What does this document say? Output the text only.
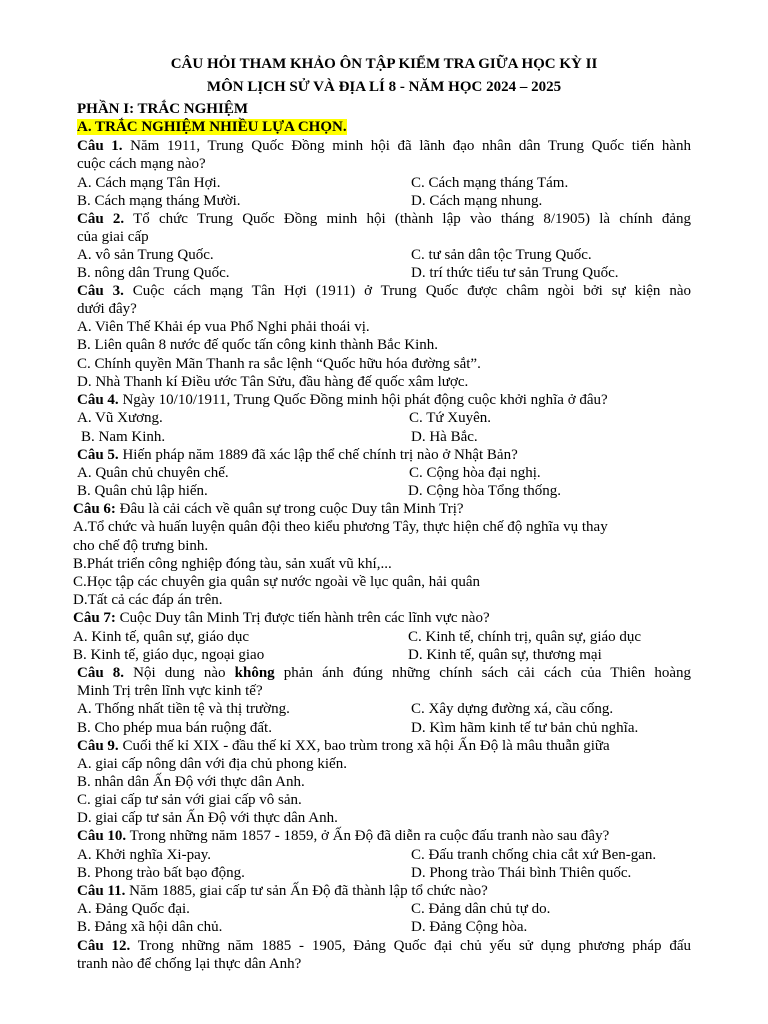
CÂU HỎI THAM KHẢO ÔN TẬP KIỂM TRA GIỮA HỌC KỲ II
MÔN LỊCH SỬ VÀ ĐỊA LÍ 8 - NĂM HỌC 2024 – 2025
PHẦN I: TRẮC NGHIỆM
A. TRẮC NGHIỆM NHIỀU LỰA CHỌN.
Câu 1. Năm 1911, Trung Quốc Đồng minh hội đã lãnh đạo nhân dân Trung Quốc tiến hành
cuộc cách mạng nào?
A. Cách mạng Tân Hợi.	C. Cách mạng tháng Tám.
B. Cách mạng tháng Mười.	D. Cách mạng nhung.
Câu 2. Tổ chức Trung Quốc Đồng minh hội (thành lập vào tháng 8/1905) là chính đảng
của giai cấp
A. vô sản Trung Quốc.	C. tư sản dân tộc Trung Quốc.
B. nông dân Trung Quốc.	D. trí thức tiểu tư sản Trung Quốc.
Câu 3. Cuộc cách mạng Tân Hợi (1911) ở Trung Quốc được châm ngòi bởi sự kiện nào
dưới đây?
A. Viên Thế Khải ép vua Phổ Nghi phải thoái vị.
B. Liên quân 8 nước đế quốc tấn công kinh thành Bắc Kinh.
C. Chính quyền Mãn Thanh ra sắc lệnh “Quốc hữu hóa đường sắt”.
D. Nhà Thanh kí Điều ước Tân Sửu, đầu hàng đế quốc xâm lược.
Câu 4. Ngày 10/10/1911, Trung Quốc Đồng minh hội phát động cuộc khởi nghĩa ở đâu?
A. Vũ Xương.	C. Tứ Xuyên.
B. Nam Kinh.	D. Hà Bắc.
Câu 5. Hiến pháp năm 1889 đã xác lập thể chế chính trị nào ở Nhật Bản?
A. Quân chủ chuyên chế.	C. Cộng hòa đại nghị.
B. Quân chủ lập hiến.	D. Cộng hòa Tổng thống.
Câu 6: Đâu là cải cách về quân sự trong cuộc Duy tân Minh Trị?
A.Tổ chức và huấn luyện quân đội theo kiểu phương Tây, thực hiện chế độ nghĩa vụ thay
cho chế độ trưng binh.
B.Phát triển công nghiệp đóng tàu, sản xuất vũ khí,...
C.Học tập các chuyên gia quân sự nước ngoài về lục quân, hải quân
D.Tất cả các đáp án trên.
Câu 7: Cuộc Duy tân Minh Trị được tiến hành trên các lĩnh vực nào?
A. Kinh tế, quân sự, giáo dục	C. Kinh tế, chính trị, quân sự, giáo dục
B. Kinh tế, giáo dục, ngoại giao	D. Kinh tế, quân sự, thương mại
Câu 8. Nội dung nào không phản ánh đúng những chính sách cải cách của Thiên hoàng
Minh Trị trên lĩnh vực kinh tế?
A. Thống nhất tiền tệ và thị trường.	C. Xây dựng đường xá, cầu cống.
B. Cho phép mua bán ruộng đất.	D. Kìm hãm kinh tế tư bản chủ nghĩa.
Câu 9. Cuối thế kỉ XIX - đầu thế kỉ XX, bao trùm trong xã hội Ấn Độ là mâu thuẫn giữa
A. giai cấp nông dân với địa chủ phong kiến.
B. nhân dân Ấn Độ với thực dân Anh.
C. giai cấp tư sản với giai cấp vô sản.
D. giai cấp tư sản Ấn Độ với thực dân Anh.
Câu 10. Trong những năm 1857 - 1859, ở Ấn Độ đã diễn ra cuộc đấu tranh nào sau đây?
A. Khởi nghĩa Xi-pay.	C. Đấu tranh chống chia cắt xứ Ben-gan.
B. Phong trào bất bạo động.	D. Phong trào Thái bình Thiên quốc.
Câu 11. Năm 1885, giai cấp tư sản Ấn Độ đã thành lập tổ chức nào?
A. Đảng Quốc đại.	C. Đảng dân chủ tự do.
B. Đảng xã hội dân chủ.	D. Đảng Cộng hòa.
Câu 12. Trong những năm 1885 - 1905, Đảng Quốc đại chủ yếu sử dụng phương pháp đấu
tranh nào để chống lại thực dân Anh?
